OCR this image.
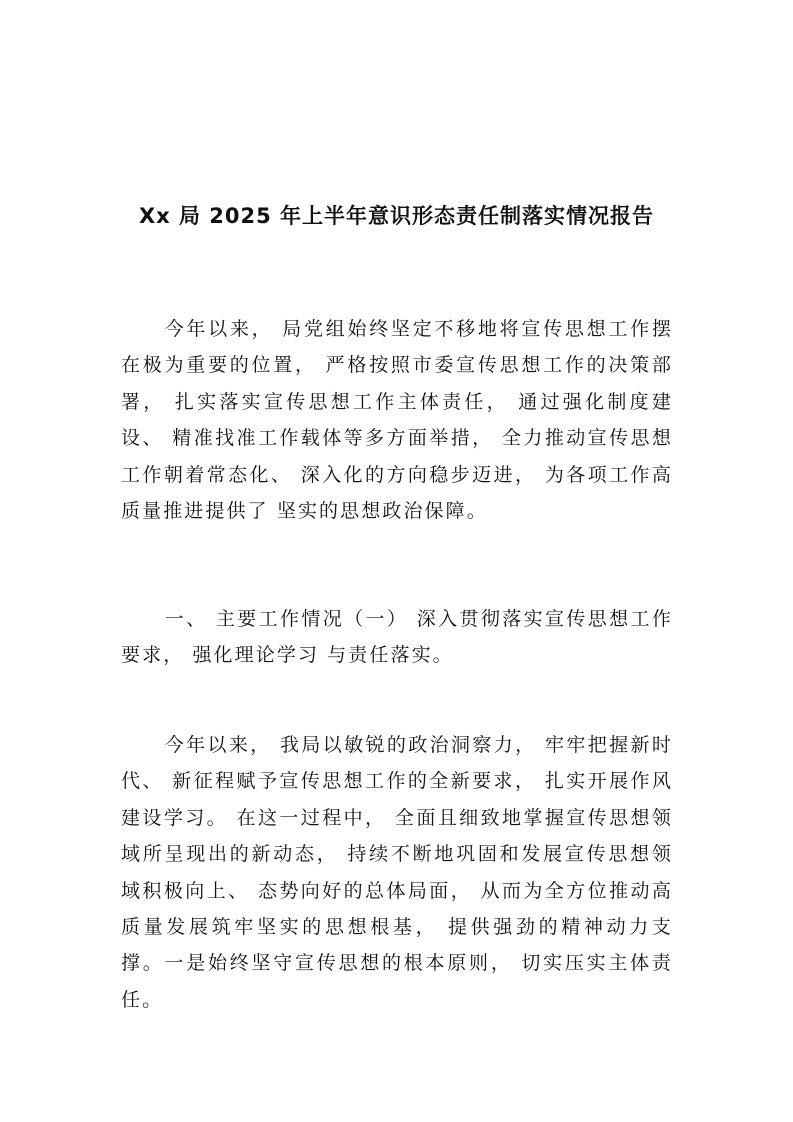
Xx 局 2025 年上半年意识形态责任制落实情况报告

今年以来， 局党组始终坚定不移地将宣传思想工作摆在极为重要的位置， 严格按照市委宣传思想工作的决策部署， 扎实落实宣传思想工作主体责任， 通过强化制度建设、 精准找准工作载体等多方面举措， 全力推动宣传思想工作朝着常态化、 深入化的方向稳步迈进， 为各项工作高质量推进提供了 坚实的思想政治保障。

一、 主要工作情况（一） 深入贯彻落实宣传思想工作要求， 强化理论学习 与责任落实。

今年以来， 我局以敏锐的政治洞察力， 牢牢把握新时代、 新征程赋予宣传思想工作的全新要求， 扎实开展作风建设学习。 在这一过程中， 全面且细致地掌握宣传思想领域所呈现出的新动态， 持续不断地巩固和发展宣传思想领域积极向上、 态势向好的总体局面， 从而为全方位推动高质量发展筑牢坚实的思想根基， 提供强劲的精神动力支撑。一是始终坚守宣传思想的根本原则， 切实压实主体责任。
